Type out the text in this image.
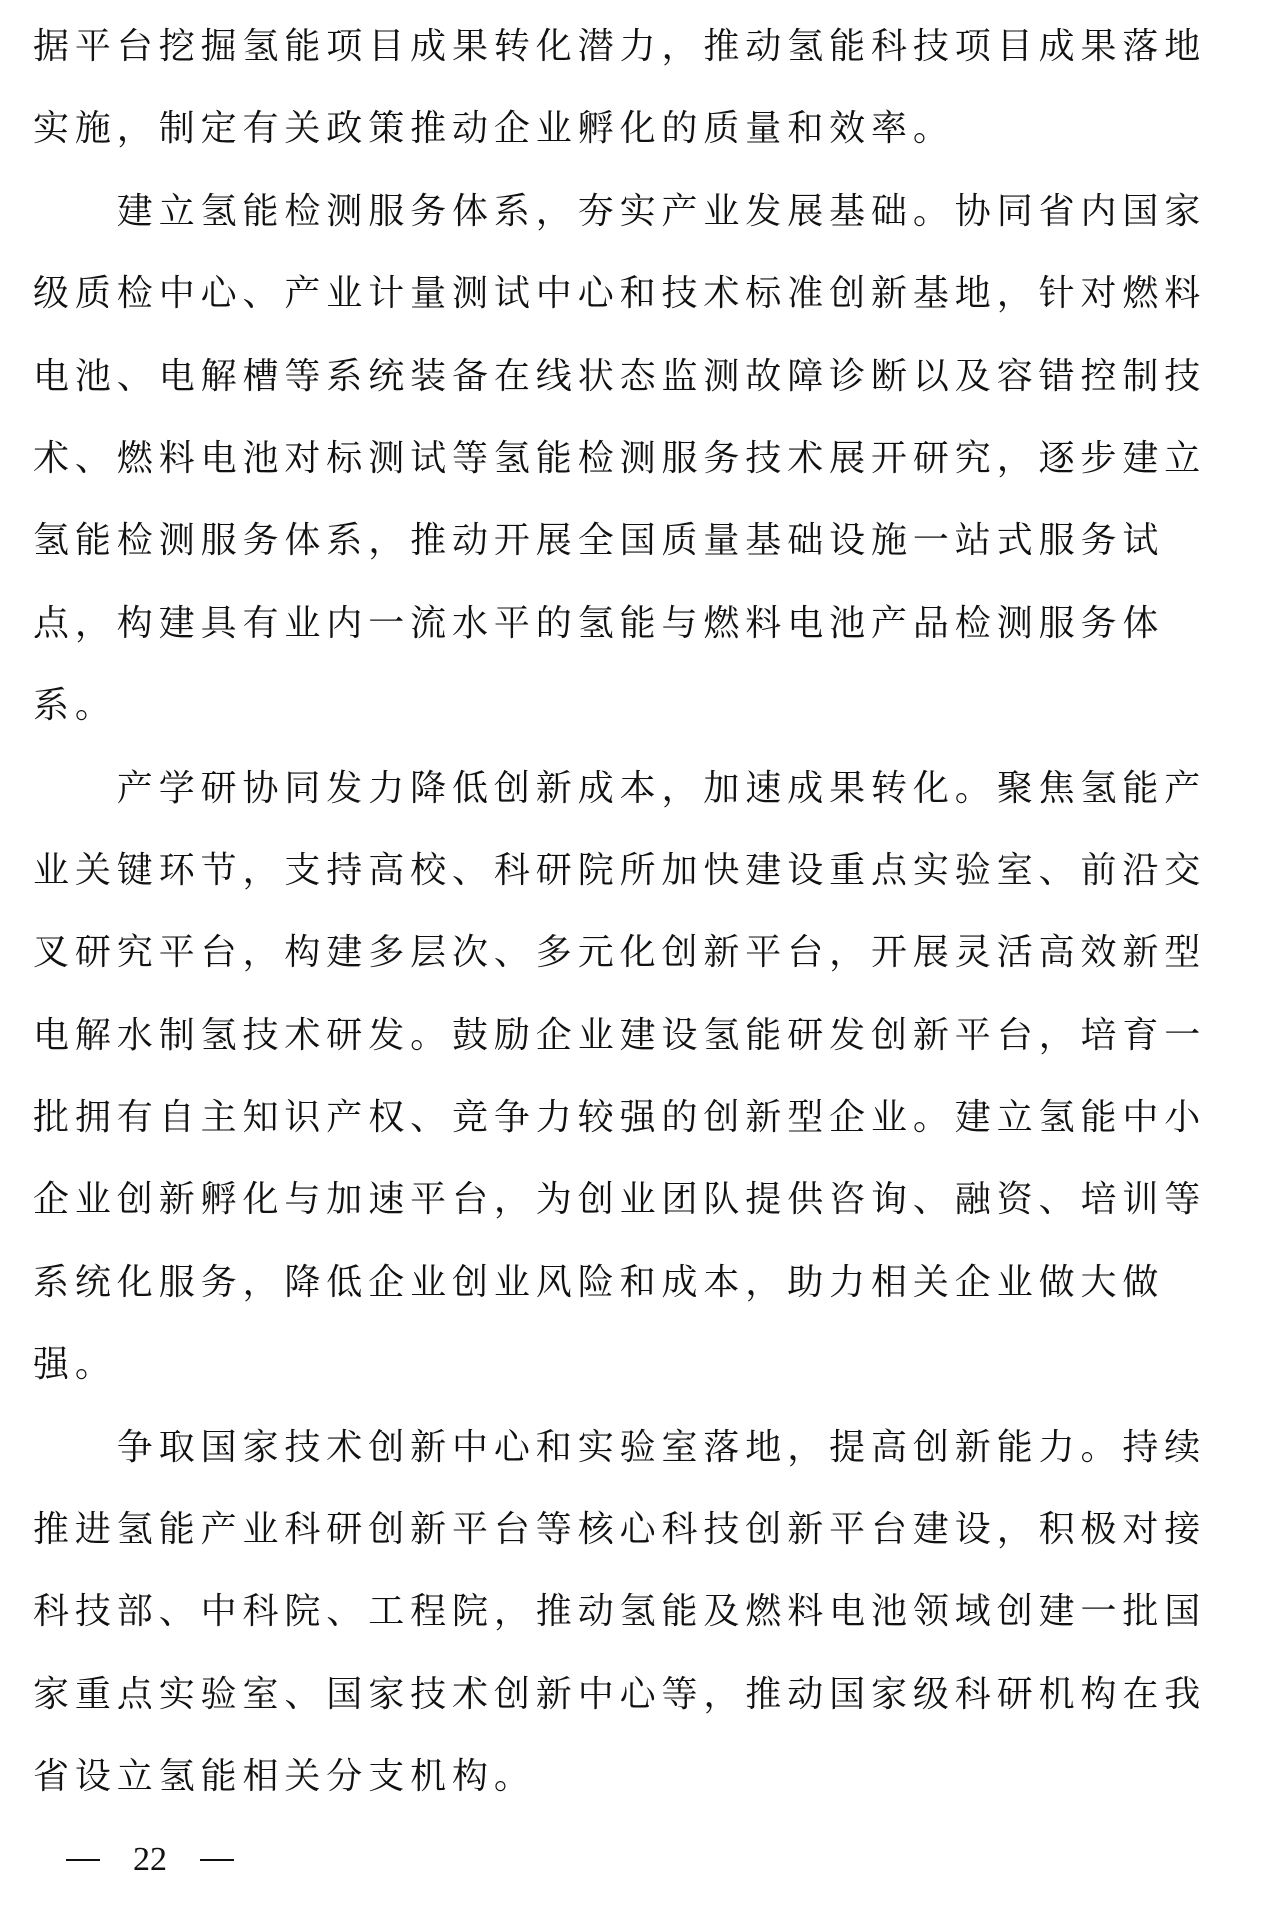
据平台挖掘氢能项目成果转化潜力，推动氢能科技项目成果落地
实施，制定有关政策推动企业孵化的质量和效率。
建立氢能检测服务体系，夯实产业发展基础。协同省内国家
级质检中心、产业计量测试中心和技术标准创新基地，针对燃料
电池、电解槽等系统装备在线状态监测故障诊断以及容错控制技
术、燃料电池对标测试等氢能检测服务技术展开研究，逐步建立
氢能检测服务体系，推动开展全国质量基础设施一站式服务试
点，构建具有业内一流水平的氢能与燃料电池产品检测服务体
系。
产学研协同发力降低创新成本，加速成果转化。聚焦氢能产
业关键环节，支持高校、科研院所加快建设重点实验室、前沿交
叉研究平台，构建多层次、多元化创新平台，开展灵活高效新型
电解水制氢技术研发。鼓励企业建设氢能研发创新平台，培育一
批拥有自主知识产权、竞争力较强的创新型企业。建立氢能中小
企业创新孵化与加速平台，为创业团队提供咨询、融资、培训等
系统化服务，降低企业创业风险和成本，助力相关企业做大做
强。
争取国家技术创新中心和实验室落地，提高创新能力。持续
推进氢能产业科研创新平台等核心科技创新平台建设，积极对接
科技部、中科院、工程院，推动氢能及燃料电池领域创建一批国
家重点实验室、国家技术创新中心等，推动国家级科研机构在我
省设立氢能相关分支机构。
22
